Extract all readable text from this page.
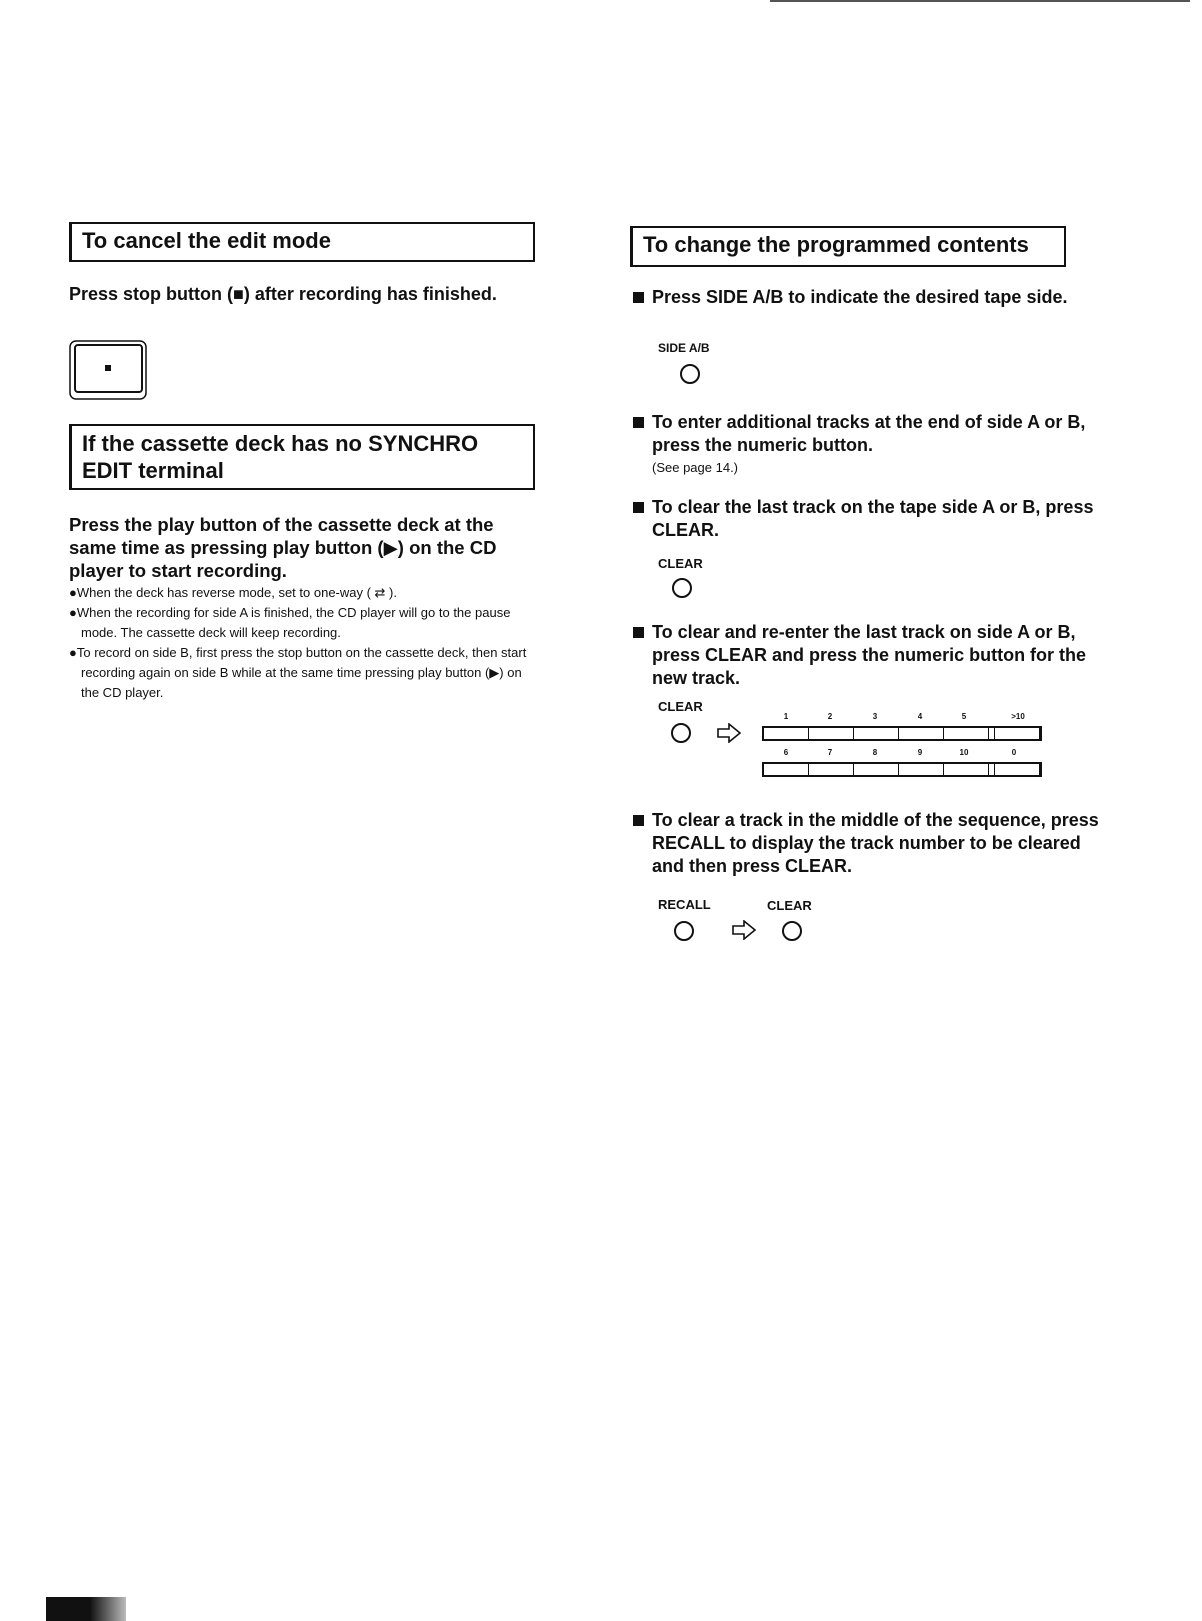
To cancel the edit mode
Press stop button (■) after recording has finished.
If the cassette deck has no SYNCHRO
EDIT terminal
Press the play button of the cassette deck at the same time as pressing play button (▶) on the CD player to start recording.
●When the deck has reverse mode, set to one-way ( ⇄ ).
●When the recording for side A is finished, the CD player will go to the pause mode. The cassette deck will keep recording.
●To record on side B, first press the stop button on the cassette deck, then start recording again on side B while at the same time pressing play button (▶) on the CD player.
To change the programmed contents
Press SIDE A/B to indicate the desired tape side.
SIDE A/B
To enter additional tracks at the end of side A or B, press the numeric button.
(See page 14.)
To clear the last track on the tape side A or B, press CLEAR.
CLEAR
To clear and re-enter the last track on side A or B, press CLEAR and press the numeric button for the new track.
CLEAR
1	2	3	4	5	>10
6	7	8	9	10	0
To clear a track in the middle of the sequence, press RECALL to display the track number to be cleared and then press CLEAR.
RECALL	CLEAR
